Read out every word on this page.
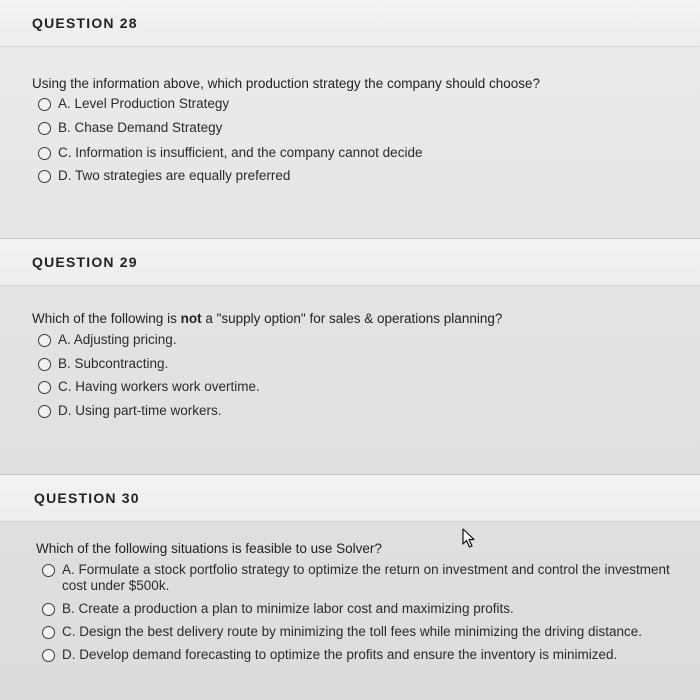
QUESTION 28
Using the information above, which production strategy the company should choose?
A. Level Production Strategy
B. Chase Demand Strategy
C. Information is insufficient, and the company cannot decide
D. Two strategies are equally preferred
QUESTION 29
Which of the following is not a "supply option" for sales & operations planning?
A. Adjusting pricing.
B. Subcontracting.
C. Having workers work overtime.
D. Using part-time workers.
QUESTION 30
Which of the following situations is feasible to use Solver?
A. Formulate a stock portfolio strategy to optimize the return on investment and control the investment cost under $500k.
B. Create a production a plan to minimize labor cost and maximizing profits.
C. Design the best delivery route by minimizing the toll fees while minimizing the driving distance.
D. Develop demand forecasting to optimize the profits and ensure the inventory is minimized.
